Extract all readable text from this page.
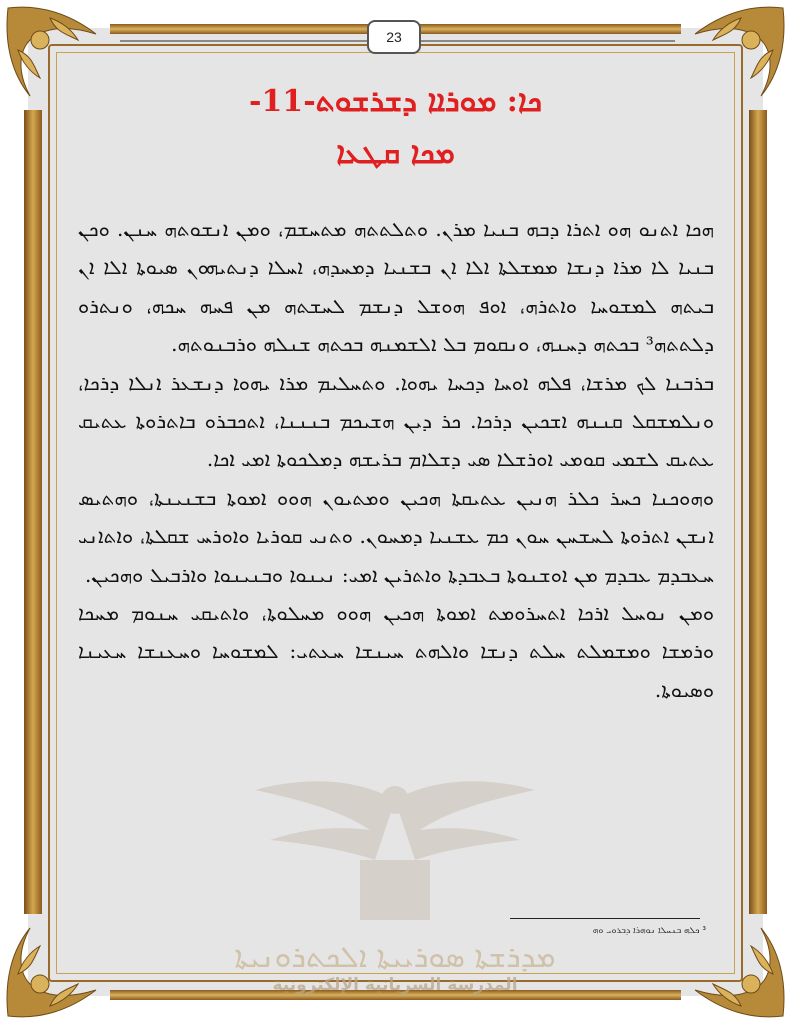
23
ܡܕܪܫܬܐ ܣܘܪܝܝܬܐ ܐܠܟܬܪܘܢܝܬܐ
المدرسة السريانية الإلكترونية
ܟܐ: ܡܘܪܐܐ ܕܫܪܫܘܬ-11-
ܡܟܐ ܩܛܥܐ

ܗܟܐ ܐܬܢܘ ܗܘ ܐܬܪܐ ܕܒܗ ܒܢܝܐ ܡܪܢ. ܘܬܠܬܬܗ ܡܬܚܫܡ، ܘܡܢ ܐܢܫܘܬܗ ܚܢܢ. ܘܟܢ ܒܢܝܐ ܠܐ ܡܪܐ ܕܢܫܐ ܡܡܫܠܬܐ ܐܠܐ ܐܢ ܒܫܢܝܐ ܕܡܚܕܗ، ܐܚܠܐ ܕܢܬܝܗܘܢ ܣܝܘܬܐ ܐܠܐ ܐܢ ܒܝܬܗ ܠܡܫܘܚܐ ܘܐܬܪܗ، ܐܘܦ ܗܘܫܠ ܕܢܫܡ ܠܚܫܬܗ ܡܢ ܦܚܗ ܚܟܗ، ܘܢܬܪܘ ܕܠܬܬܗ³ ܒܟܬܗ ܕܚܢܗ، ܘܢܩܘܡ ܒܠ ܐܠܫܡܢܗ ܒܟܬܗ ܫܢܠܗ ܘܪܒܢܘܬܗ.

ܒܪܒܢܐ ܠܟ ܡܪܫܐ، ܦܠܗ ܐܘܚܐ ܕܟܚܐ ܝܗܘܐ. ܘܬܚܠܝܡ ܡܪܐ ܝܗܘܐ ܕܢܫܥܪ ܐܢܠܐ ܕܪܟܐ، ܘܢܠܡܫܩܠ ܩܢܢܗ ܐܫܟܝܢ ܕܪܟܐ. ܟܪ ܕܝܢ ܗܫܝܟܡ ܒܢܢܢܐ، ܐܬܟܒܪܘ ܒܐܬܪܘܬܐ ܥܬܝܩ ܥܬܝܩ ܠܫܡܝ ܩܘܡܝ ܐܘܪܫܠܐ ܣܝ ܕܫܠܐܡ ܒܪܝܫܗ ܕܡܠܟܘܬܐ ܐܡܝ ܐܟܐ.

ܘܗܘܟܢܐ ܟܚܪ ܟܠܪ ܗܢܝܢ ܥܬܝܩܬܐ ܗܟܝܢ ܘܡܬܝܘܢ ܗܘܘ ܐܡܘܬܐ ܒܫܢܝܢܬܐ، ܘܗܬܝܣ ܐܢܫܢ ܐܬܪܘܬܐ ܠܚܫܚܢ ܚܘܢ ܟܡ ܥܫܢܝܐ ܕܡܚܘܢ. ܘܬܢܝ ܩܘܪܝܐ ܘܐܘܪܚ ܫܩܠܬܐ، ܘܐܬܐܢܝ ܚܥܒܕܡ ܥܒܕܡ ܡܢ ܐܘܫܢܘܬܐ ܒܥܒܕܬܐ ܘܐܬܪܝܢ ܐܡܝ: ܢܝܢܘܐ ܘܒܢܝܢܘܐ ܘܐܪܒܝܠ ܘܗܟܝܢ.

ܘܡܢ ܢܘܚܠ ܐܪܟܐ ܐܬܚܪܘܡܬ ܐܡܘܬܐ ܗܟܝܢ ܗܘܘ ܡܚܠܘܬܐ، ܘܐܬܝܩܝ ܚܢܘܡ ܡܚܟܐ ܘܪܡܫܐ ܘܡܫܡܠܬ ܚܠܬ ܕܢܫܐ ܘܐܠܗܬ ܚܝܢܫܐ ܚܥܬܝ: ܠܡܫܘܚܐ ܘܚܥܢܫܐ ܚܥܝܢܐ ܘܣܝܘܬܐ.

³ ܟܠܗ ܒܢܚܠܐ ܢܘܗܪܐ ܕܒܪܘܝ ܘܗ
